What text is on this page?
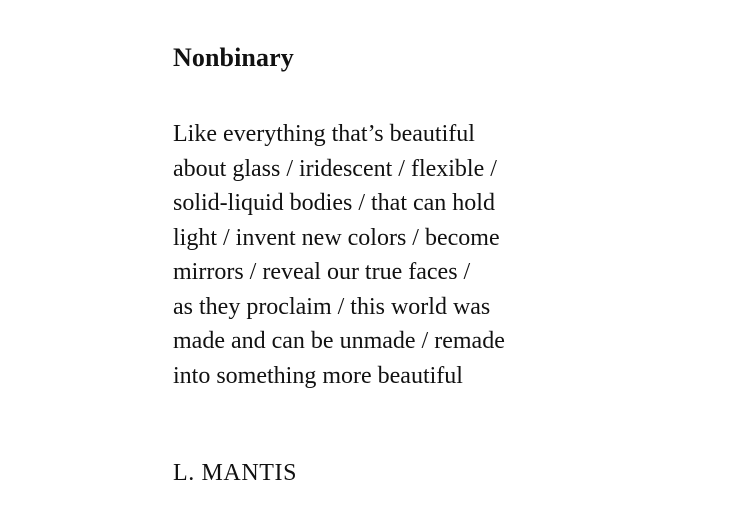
Nonbinary
Like everything that’s beautiful
about glass / iridescent / flexible /
solid-liquid bodies / that can hold
light / invent new colors / become
mirrors / reveal our true faces /
as they proclaim / this world was
made and can be unmade / remade
into something more beautiful

L. MANTIS
